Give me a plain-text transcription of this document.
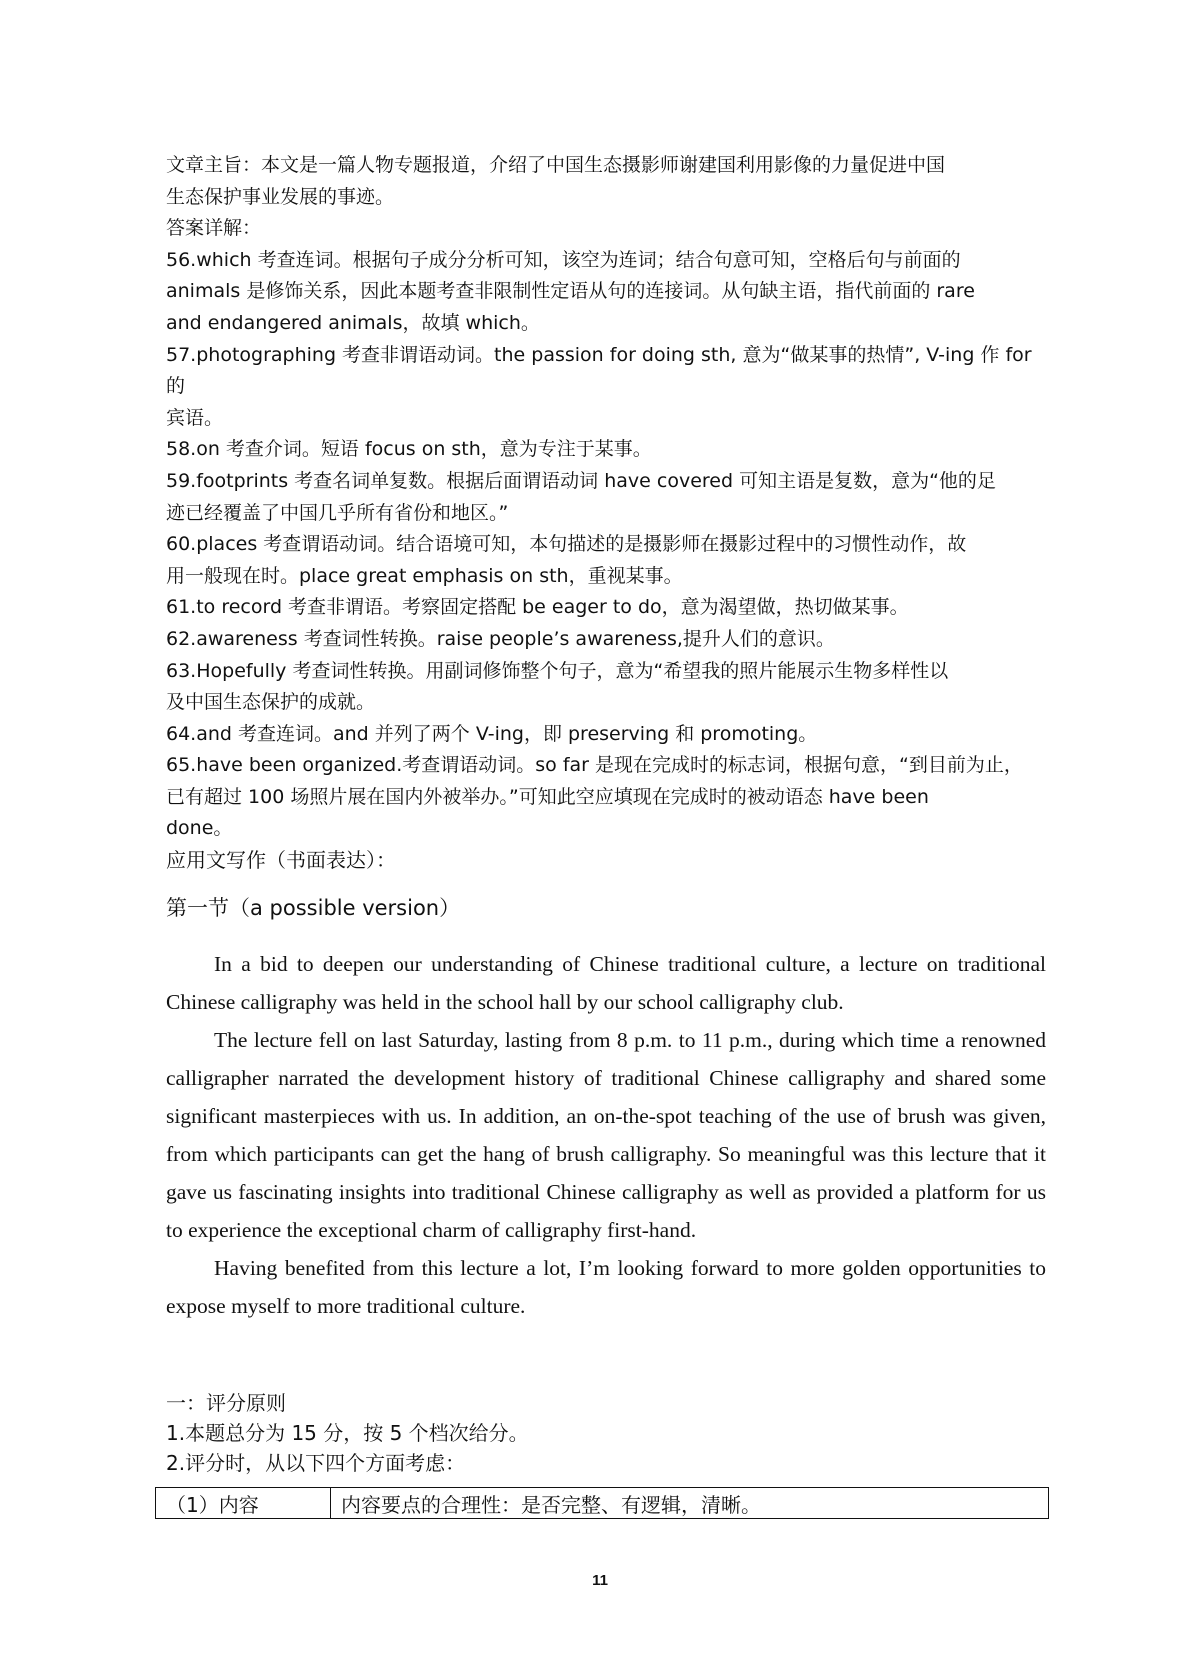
文章主旨：本文是一篇人物专题报道，介绍了中国生态摄影师谢建国利用影像的力量促进中国

生态保护事业发展的事迹。

答案详解：

56.which 考查连词。根据句子成分分析可知，该空为连词；结合句意可知，空格后句与前面的

animals 是修饰关系，因此本题考查非限制性定语从句的连接词。从句缺主语，指代前面的 rare

and endangered animals，故填 which。

57.photographing 考查非谓语动词。the passion for doing sth, 意为“做某事的热情”, V-ing 作 for 的

宾语。

58.on 考查介词。短语 focus on sth，意为专注于某事。

59.footprints 考查名词单复数。根据后面谓语动词 have covered 可知主语是复数，意为“他的足

迹已经覆盖了中国几乎所有省份和地区。”

60.places 考查谓语动词。结合语境可知，本句描述的是摄影师在摄影过程中的习惯性动作，故

用一般现在时。place great emphasis on sth，重视某事。

61.to record 考查非谓语。考察固定搭配 be eager to do，意为渴望做，热切做某事。

62.awareness 考查词性转换。raise people’s awareness,提升人们的意识。

63.Hopefully 考查词性转换。用副词修饰整个句子，意为“希望我的照片能展示生物多样性以

及中国生态保护的成就。

64.and 考查连词。and 并列了两个 V-ing，即 preserving 和 promoting。

65.have been organized.考查谓语动词。so far 是现在完成时的标志词，根据句意，“到目前为止，

已有超过 100 场照片展在国内外被举办。”可知此空应填现在完成时的被动语态 have been

done。

应用文写作（书面表达）：

第一节（a possible version）

In a bid to deepen our understanding of Chinese traditional culture, a lecture on traditional Chinese calligraphy was held in the school hall by our school calligraphy club.

The lecture fell on last Saturday, lasting from 8 p.m. to 11 p.m., during which time a renowned calligrapher narrated the development history of traditional Chinese calligraphy and shared some significant masterpieces with us. In addition, an on-the-spot teaching of the use of brush was given, from which participants can get the hang of brush calligraphy. So meaningful was this lecture that it gave us fascinating insights into traditional Chinese calligraphy as well as provided a platform for us to experience the exceptional charm of calligraphy first-hand.

Having benefited from this lecture a lot, I’m looking forward to more golden opportunities to expose myself to more traditional culture.

一：评分原则

1.本题总分为 15 分，按 5 个档次给分。

2.评分时，从以下四个方面考虑：

（1）内容	内容要点的合理性：是否完整、有逻辑，清晰。
11
